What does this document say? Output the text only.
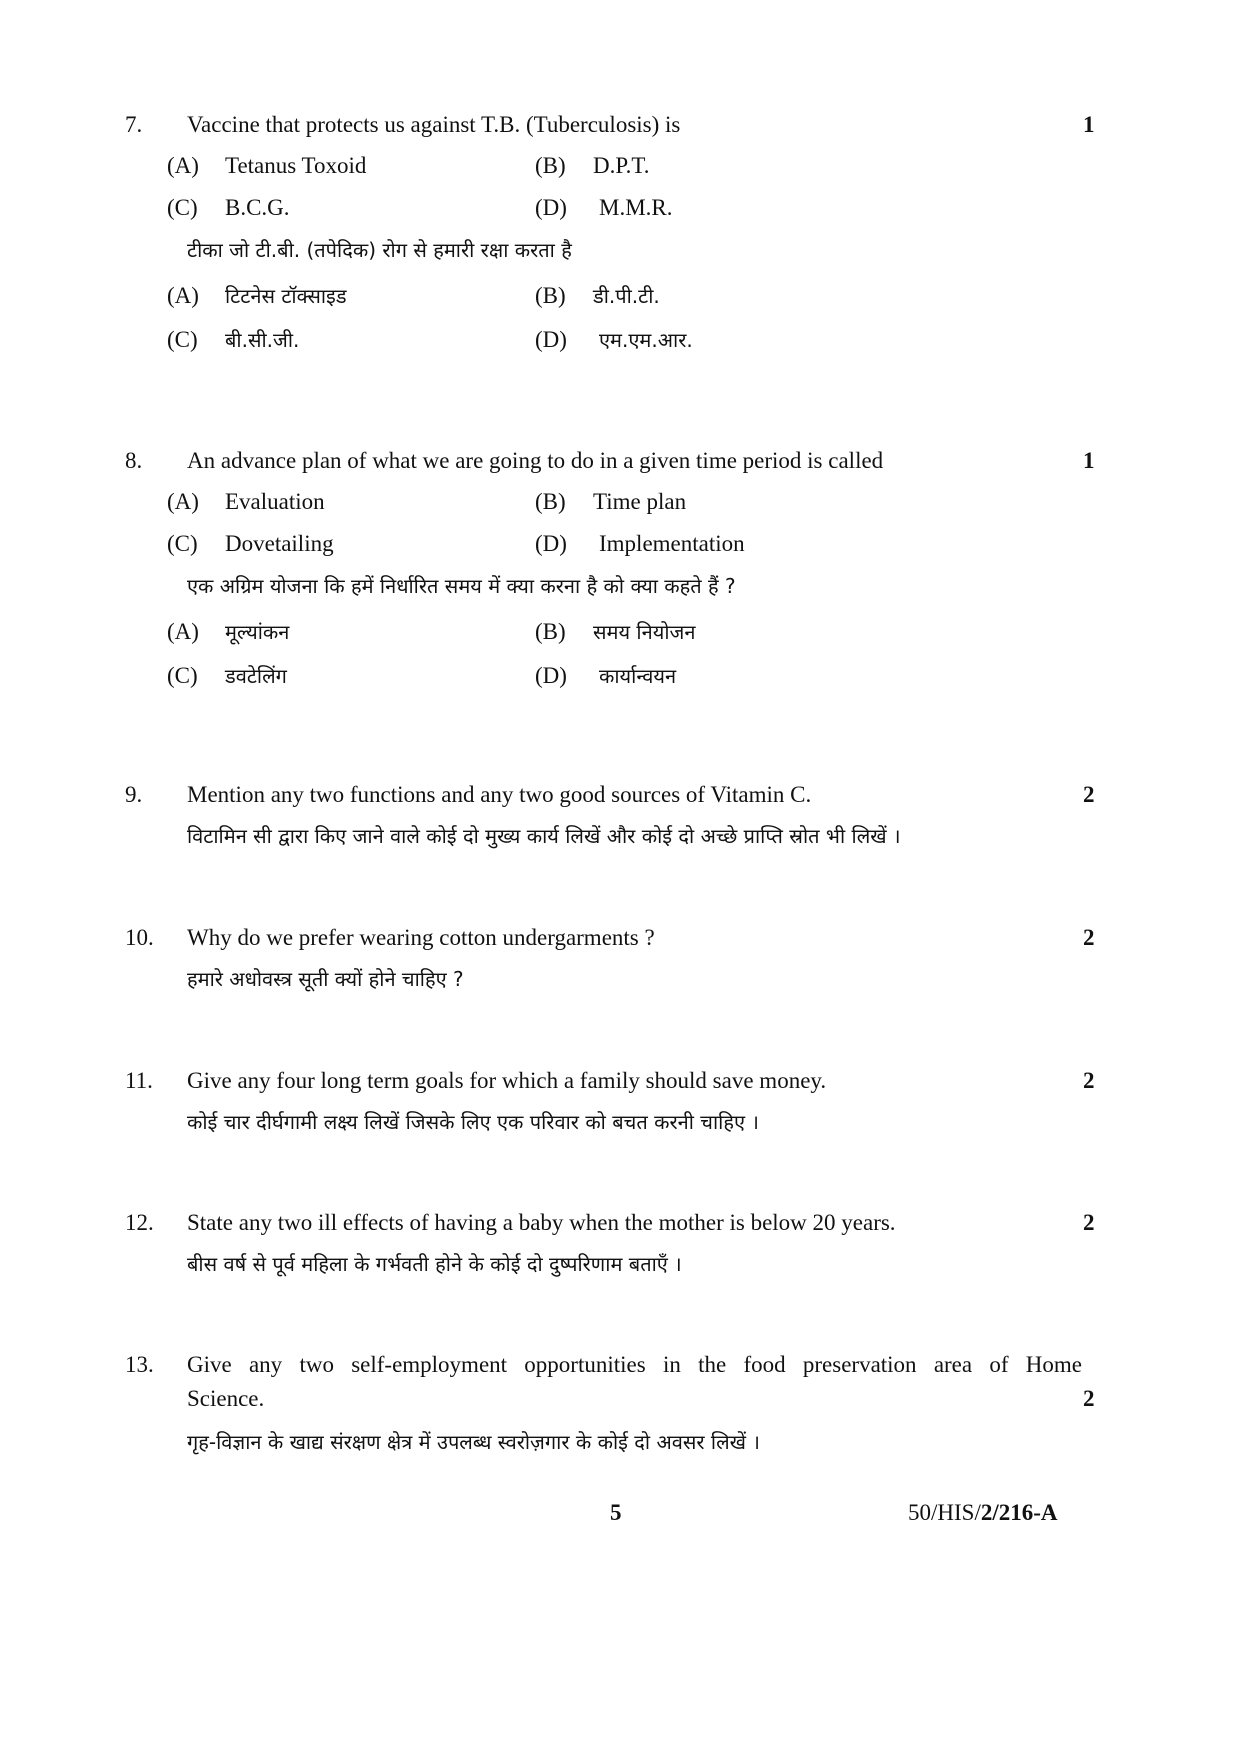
7. Vaccine that protects us against T.B. (Tuberculosis) is	1
(A) Tetanus Toxoid	(B) D.P.T.
(C) B.C.G.	(D) M.M.R.
टीका जो टी.बी. (तपेदिक) रोग से हमारी रक्षा करता है
(A) टिटनेस टॉक्साइड	(B) डी.पी.टी.
(C) बी.सी.जी.	(D) एम.एम.आर.
8. An advance plan of what we are going to do in a given time period is called	1
(A) Evaluation	(B) Time plan
(C) Dovetailing	(D) Implementation
एक अग्रिम योजना कि हमें निर्धारित समय में क्या करना है को क्या कहते हैं ?
(A) मूल्यांकन	(B) समय नियोजन
(C) डवटेलिंग	(D) कार्यान्वयन
9. Mention any two functions and any two good sources of Vitamin C.	2
विटामिन सी द्वारा किए जाने वाले कोई दो मुख्य कार्य लिखें और कोई दो अच्छे प्राप्ति स्रोत भी लिखें ।
10. Why do we prefer wearing cotton undergarments ?	2
हमारे अधोवस्त्र सूती क्यों होने चाहिए ?
11. Give any four long term goals for which a family should save money.	2
कोई चार दीर्घगामी लक्ष्य लिखें जिसके लिए एक परिवार को बचत करनी चाहिए ।
12. State any two ill effects of having a baby when the mother is below 20 years.	2
बीस वर्ष से पूर्व महिला के गर्भवती होने के कोई दो दुष्परिणाम बताएँ ।
13. Give any two self-employment opportunities in the food preservation area of Home
Science.	2
गृह-विज्ञान के खाद्य संरक्षण क्षेत्र में उपलब्ध स्वरोज़गार के कोई दो अवसर लिखें ।
5	50/HIS/2/216-A
